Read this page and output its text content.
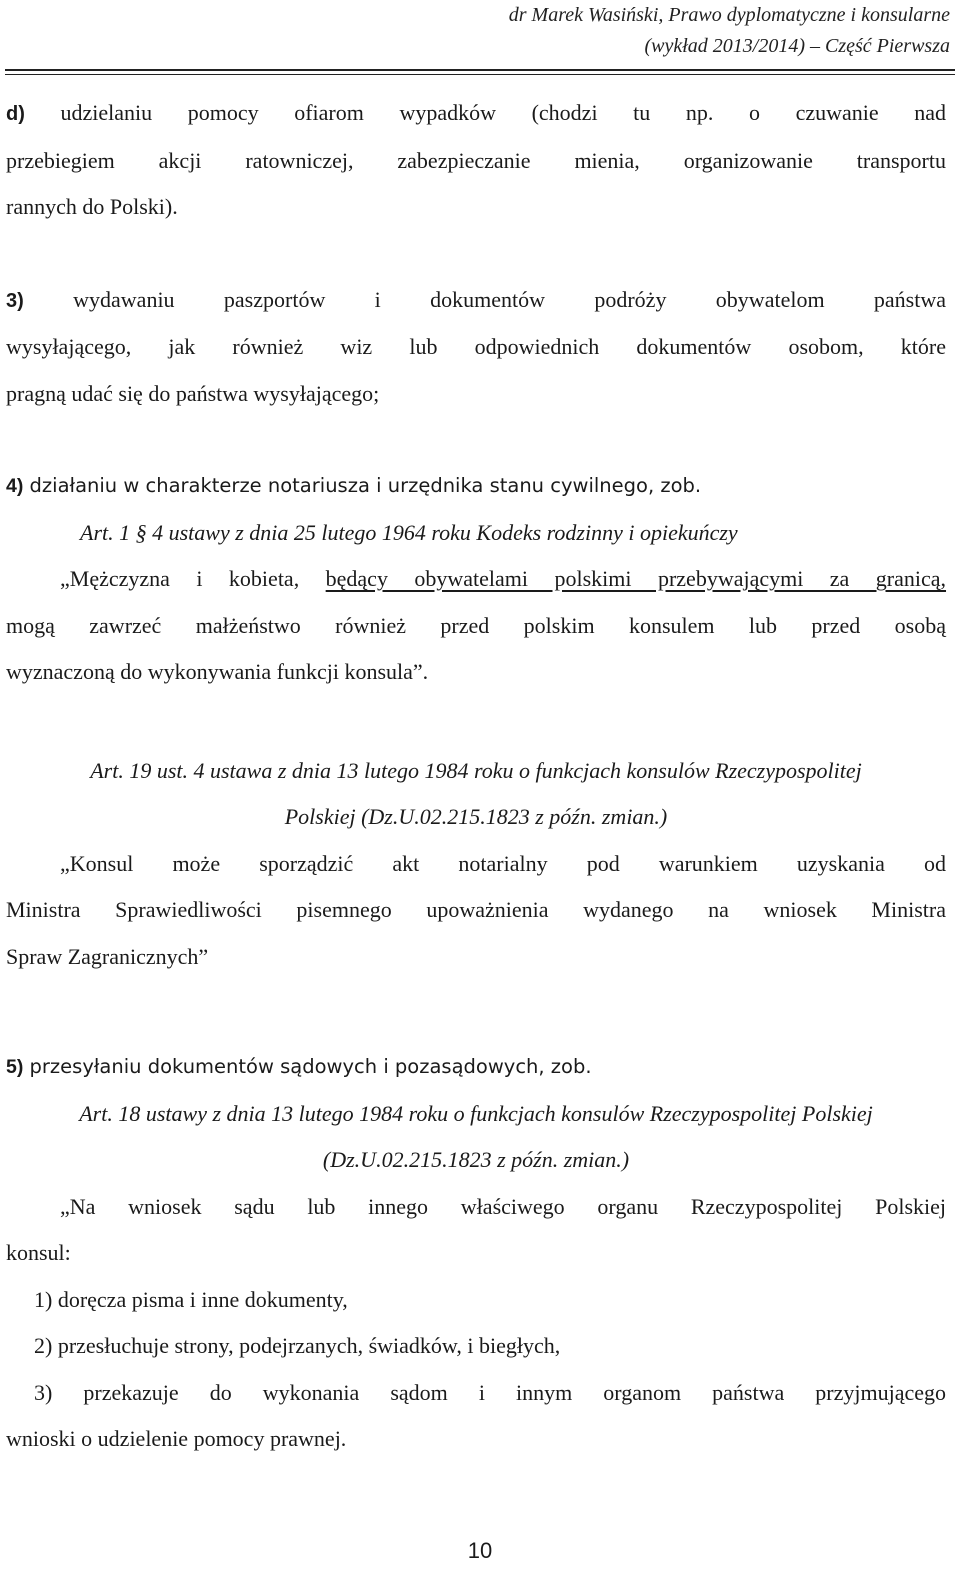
dr Marek Wasiński, Prawo dyplomatyczne i konsularne
(wykład 2013/2014) – Część Pierwsza

d) udzielaniu pomocy ofiarom wypadków (chodzi tu np. o czuwanie nad

przebiegiem akcji ratowniczej, zabezpieczanie mienia, organizowanie transportu

rannych do Polski).

3) wydawaniu paszportów i dokumentów podróży obywatelom państwa

wysyłającego, jak również wiz lub odpowiednich dokumentów osobom, które

pragną udać się do państwa wysyłającego;

4) działaniu w charakterze notariusza i urzędnika stanu cywilnego, zob.

Art. 1 § 4 ustawy z dnia 25 lutego 1964 roku Kodeks rodzinny i opiekuńczy

„Mężczyzna i kobieta, będący obywatelami polskimi przebywającymi za granicą,

mogą zawrzeć małżeństwo również przed polskim konsulem lub przed osobą

wyznaczoną do wykonywania funkcji konsula”.

Art. 19 ust. 4 ustawa z dnia 13 lutego 1984 roku o funkcjach konsulów Rzeczypospolitej

Polskiej (Dz.U.02.215.1823 z późn. zmian.)

„Konsul może sporządzić akt notarialny pod warunkiem uzyskania od

Ministra Sprawiedliwości pisemnego upoważnienia wydanego na wniosek Ministra

Spraw Zagranicznych”

5) przesyłaniu dokumentów sądowych i pozasądowych, zob.

Art. 18 ustawy z dnia 13 lutego 1984 roku o funkcjach konsulów Rzeczypospolitej Polskiej

(Dz.U.02.215.1823 z późn. zmian.)

„Na wniosek sądu lub innego właściwego organu Rzeczypospolitej Polskiej

konsul:

1) doręcza pisma i inne dokumenty,

2) przesłuchuje strony, podejrzanych, świadków, i biegłych,

3) przekazuje do wykonania sądom i innym organom państwa przyjmującego

wnioski o udzielenie pomocy prawnej.

10
